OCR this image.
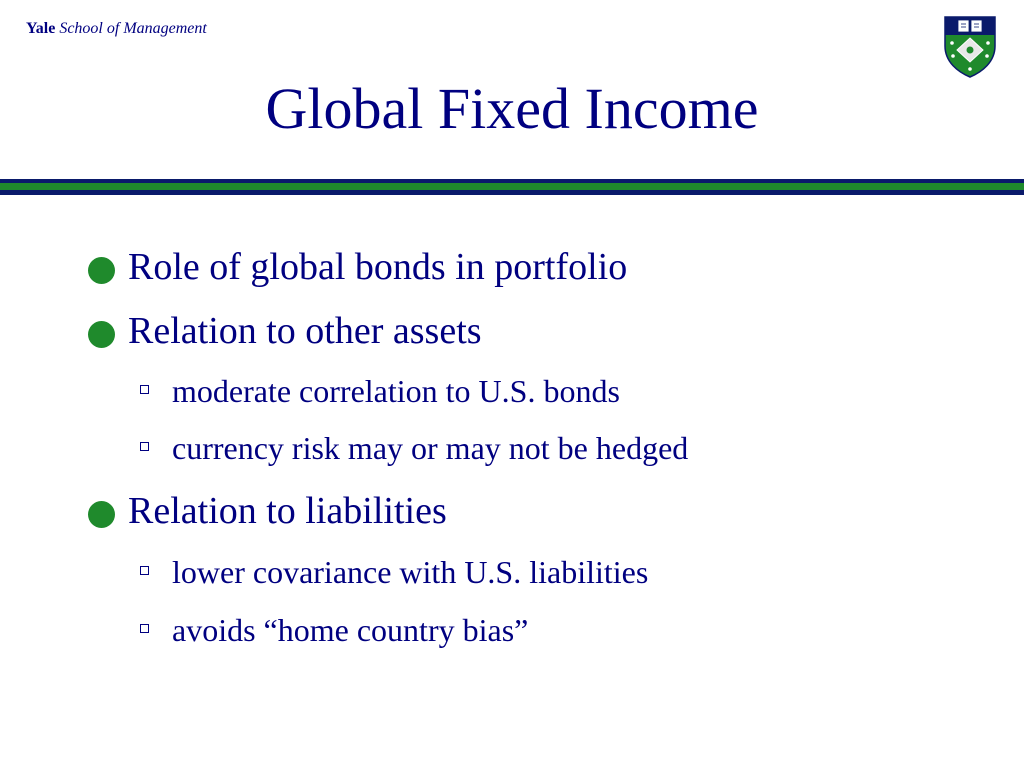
Yale School of Management
Global Fixed Income
Role of global bonds in portfolio
Relation to other assets
moderate correlation to U.S. bonds
currency risk may or may not be hedged
Relation to liabilities
lower covariance with U.S. liabilities
avoids “home country bias”
